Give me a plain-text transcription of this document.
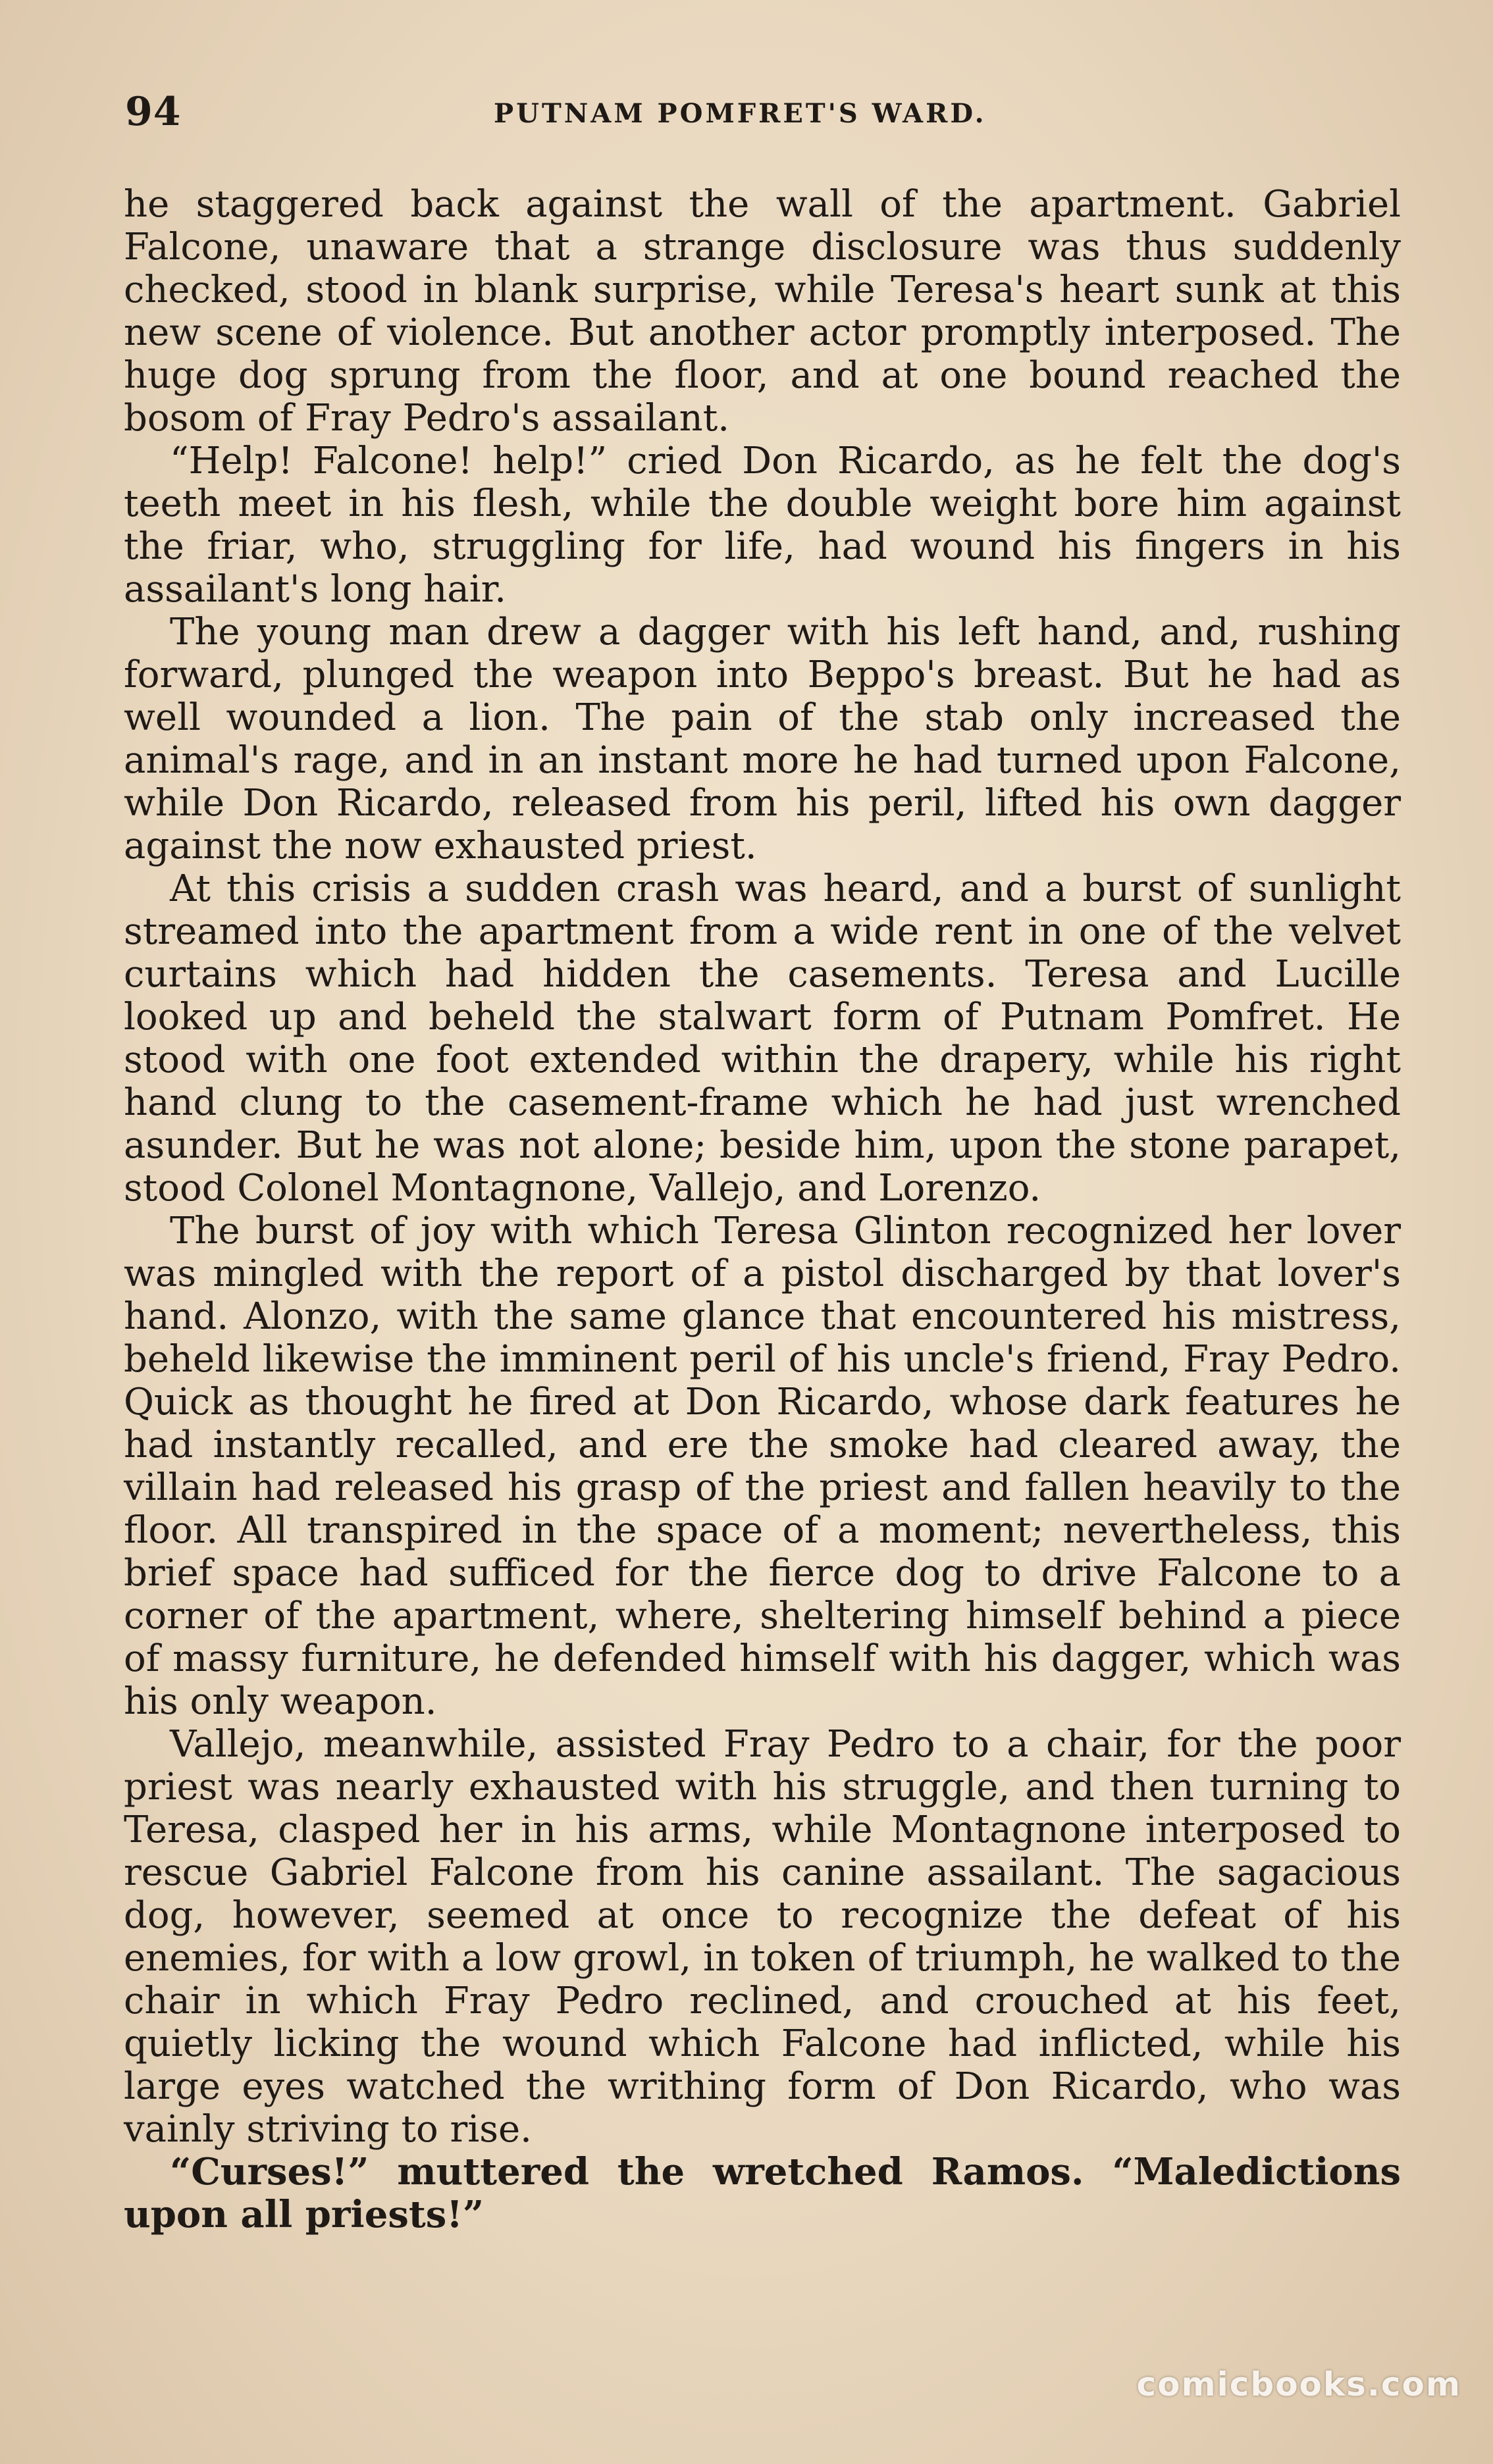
94	PUTNAM POMFRET'S WARD.

he staggered back against the wall of the apartment. Gabriel Falcone, unaware that a strange disclosure was thus suddenly checked, stood in blank surprise, while Teresa's heart sunk at this new scene of violence. But another actor promptly interposed. The huge dog sprung from the floor, and at one bound reached the bosom of Fray Pedro's assailant.

“Help! Falcone! help!” cried Don Ricardo, as he felt the dog's teeth meet in his flesh, while the double weight bore him against the friar, who, struggling for life, had wound his fingers in his assailant's long hair.

The young man drew a dagger with his left hand, and, rushing forward, plunged the weapon into Beppo's breast. But he had as well wounded a lion. The pain of the stab only increased the animal's rage, and in an instant more he had turned upon Falcone, while Don Ricardo, released from his peril, lifted his own dagger against the now exhausted priest.

At this crisis a sudden crash was heard, and a burst of sunlight streamed into the apartment from a wide rent in one of the velvet curtains which had hidden the casements. Teresa and Lucille looked up and beheld the stalwart form of Putnam Pomfret. He stood with one foot extended within the drapery, while his right hand clung to the casement-frame which he had just wrenched asunder. But he was not alone; beside him, upon the stone parapet, stood Colonel Montagnone, Vallejo, and Lorenzo.

The burst of joy with which Teresa Glinton recognized her lover was mingled with the report of a pistol discharged by that lover's hand. Alonzo, with the same glance that encountered his mistress, beheld likewise the imminent peril of his uncle's friend, Fray Pedro. Quick as thought he fired at Don Ricardo, whose dark features he had instantly recalled, and ere the smoke had cleared away, the villain had released his grasp of the priest and fallen heavily to the floor. All transpired in the space of a moment; nevertheless, this brief space had sufficed for the fierce dog to drive Falcone to a corner of the apartment, where, sheltering himself behind a piece of massy furniture, he defended himself with his dagger, which was his only weapon.

Vallejo, meanwhile, assisted Fray Pedro to a chair, for the poor priest was nearly exhausted with his struggle, and then turning to Teresa, clasped her in his arms, while Montagnone interposed to rescue Gabriel Falcone from his canine assailant. The sagacious dog, however, seemed at once to recognize the defeat of his enemies, for with a low growl, in token of triumph, he walked to the chair in which Fray Pedro reclined, and crouched at his feet, quietly licking the wound which Falcone had inflicted, while his large eyes watched the writhing form of Don Ricardo, who was vainly striving to rise.

“Curses!” muttered the wretched Ramos. “Maledictions upon all priests!”

comicbooks.com
